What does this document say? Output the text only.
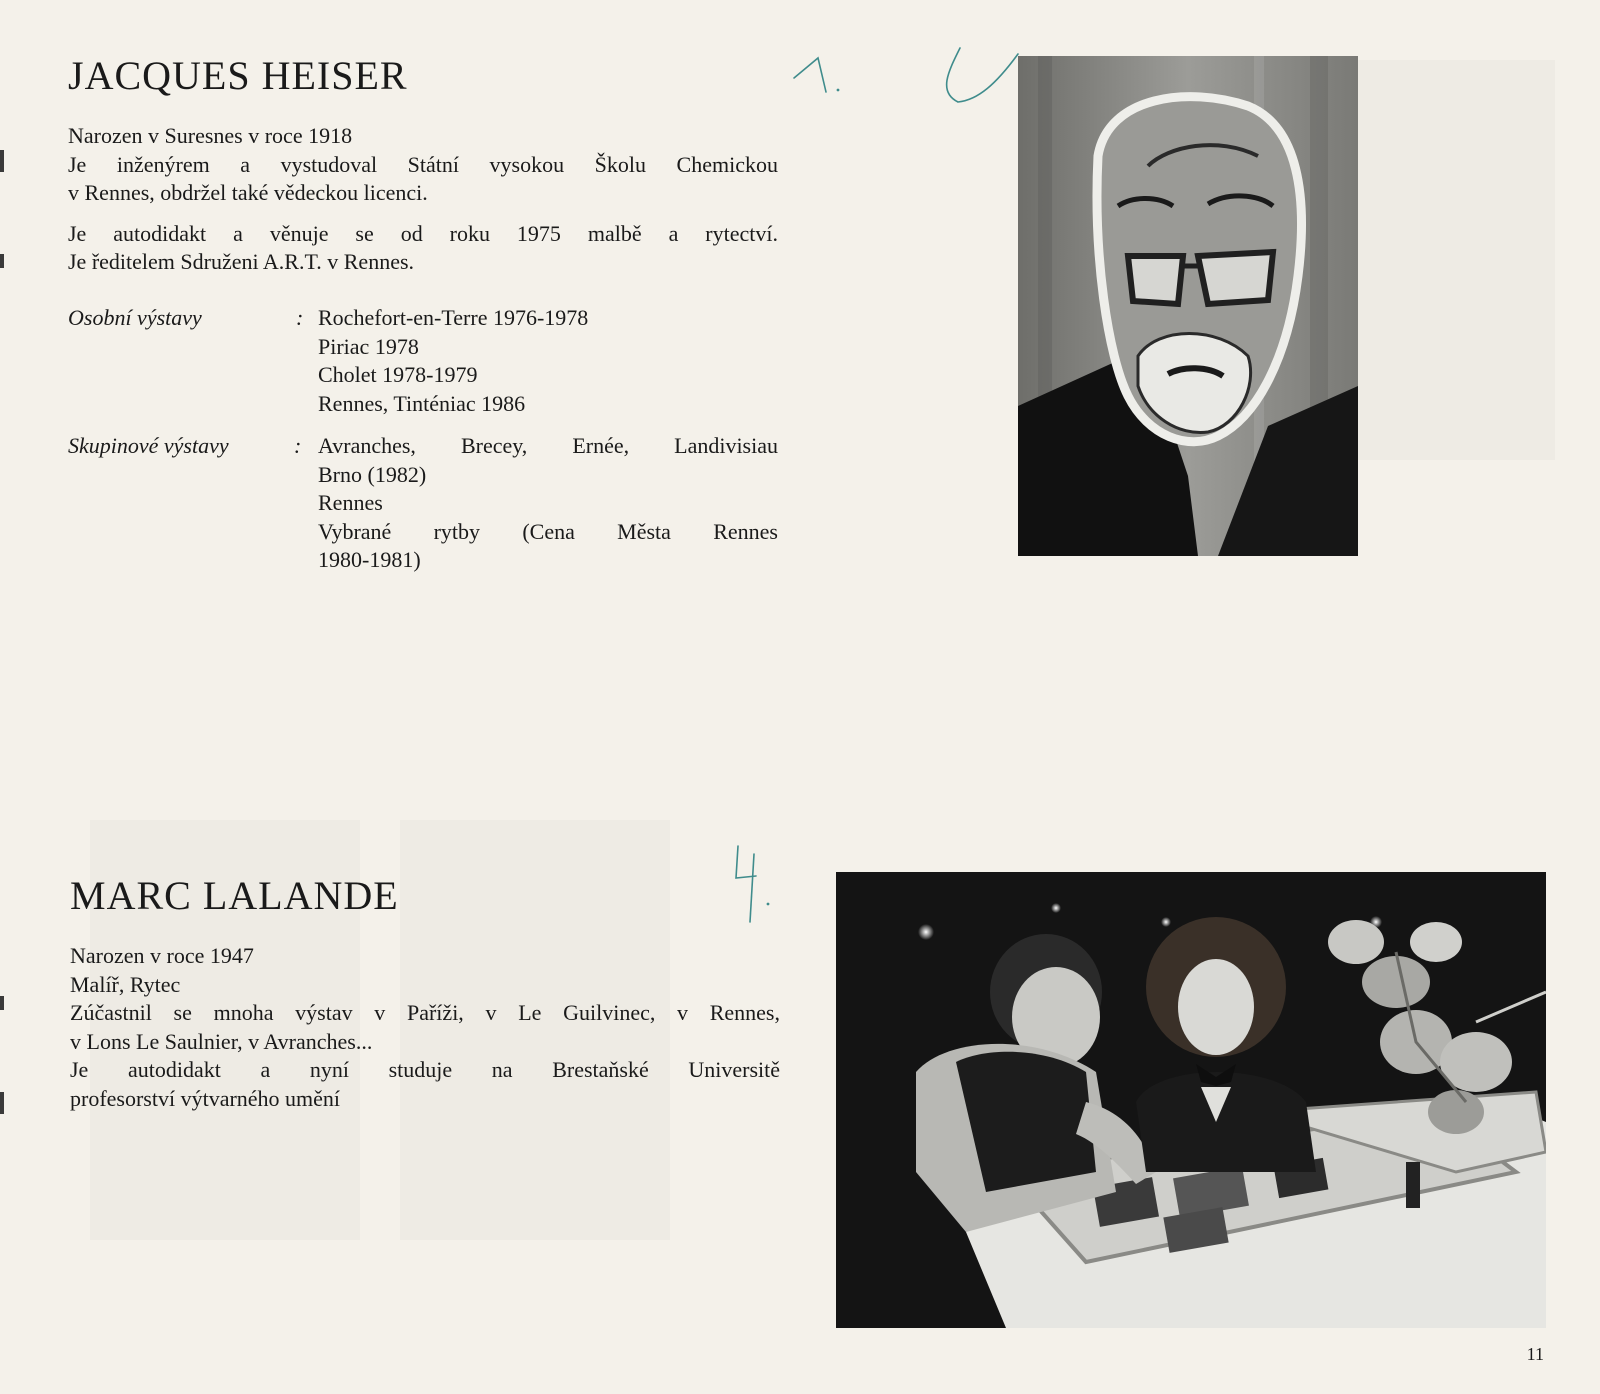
JACQUES HEISER

Narozen v Suresnes v roce 1918
Je inženýrem a vystudoval Státní vysokou Školu Chemickou
v Rennes, obdržel také vědeckou licenci.

Je autodidakt a věnuje se od roku 1975 malbě a rytectví.
Je ředitelem Sdruženi A.R.T. v Rennes.

Osobní výstavy	: Rochefort-en-Terre 1976-1978
Piriac 1978
Cholet 1978-1979
Rennes, Tinténiac 1986
Skupinové výstavy	: Avranches, Brecey, Ernée, Landivisiau
Brno (1982)
Rennes
Vybrané rytby (Cena Města Rennes
1980-1981)
MARC LALANDE

Narozen v roce 1947
Malíř, Rytec
Zúčastnil se mnoha výstav v Paříži, v Le Guilvinec, v Rennes,
v Lons Le Saulnier, v Avranches...
Je autodidakt a nyní studuje na Brestaňské Universitě
profesorství výtvarného umění

11
